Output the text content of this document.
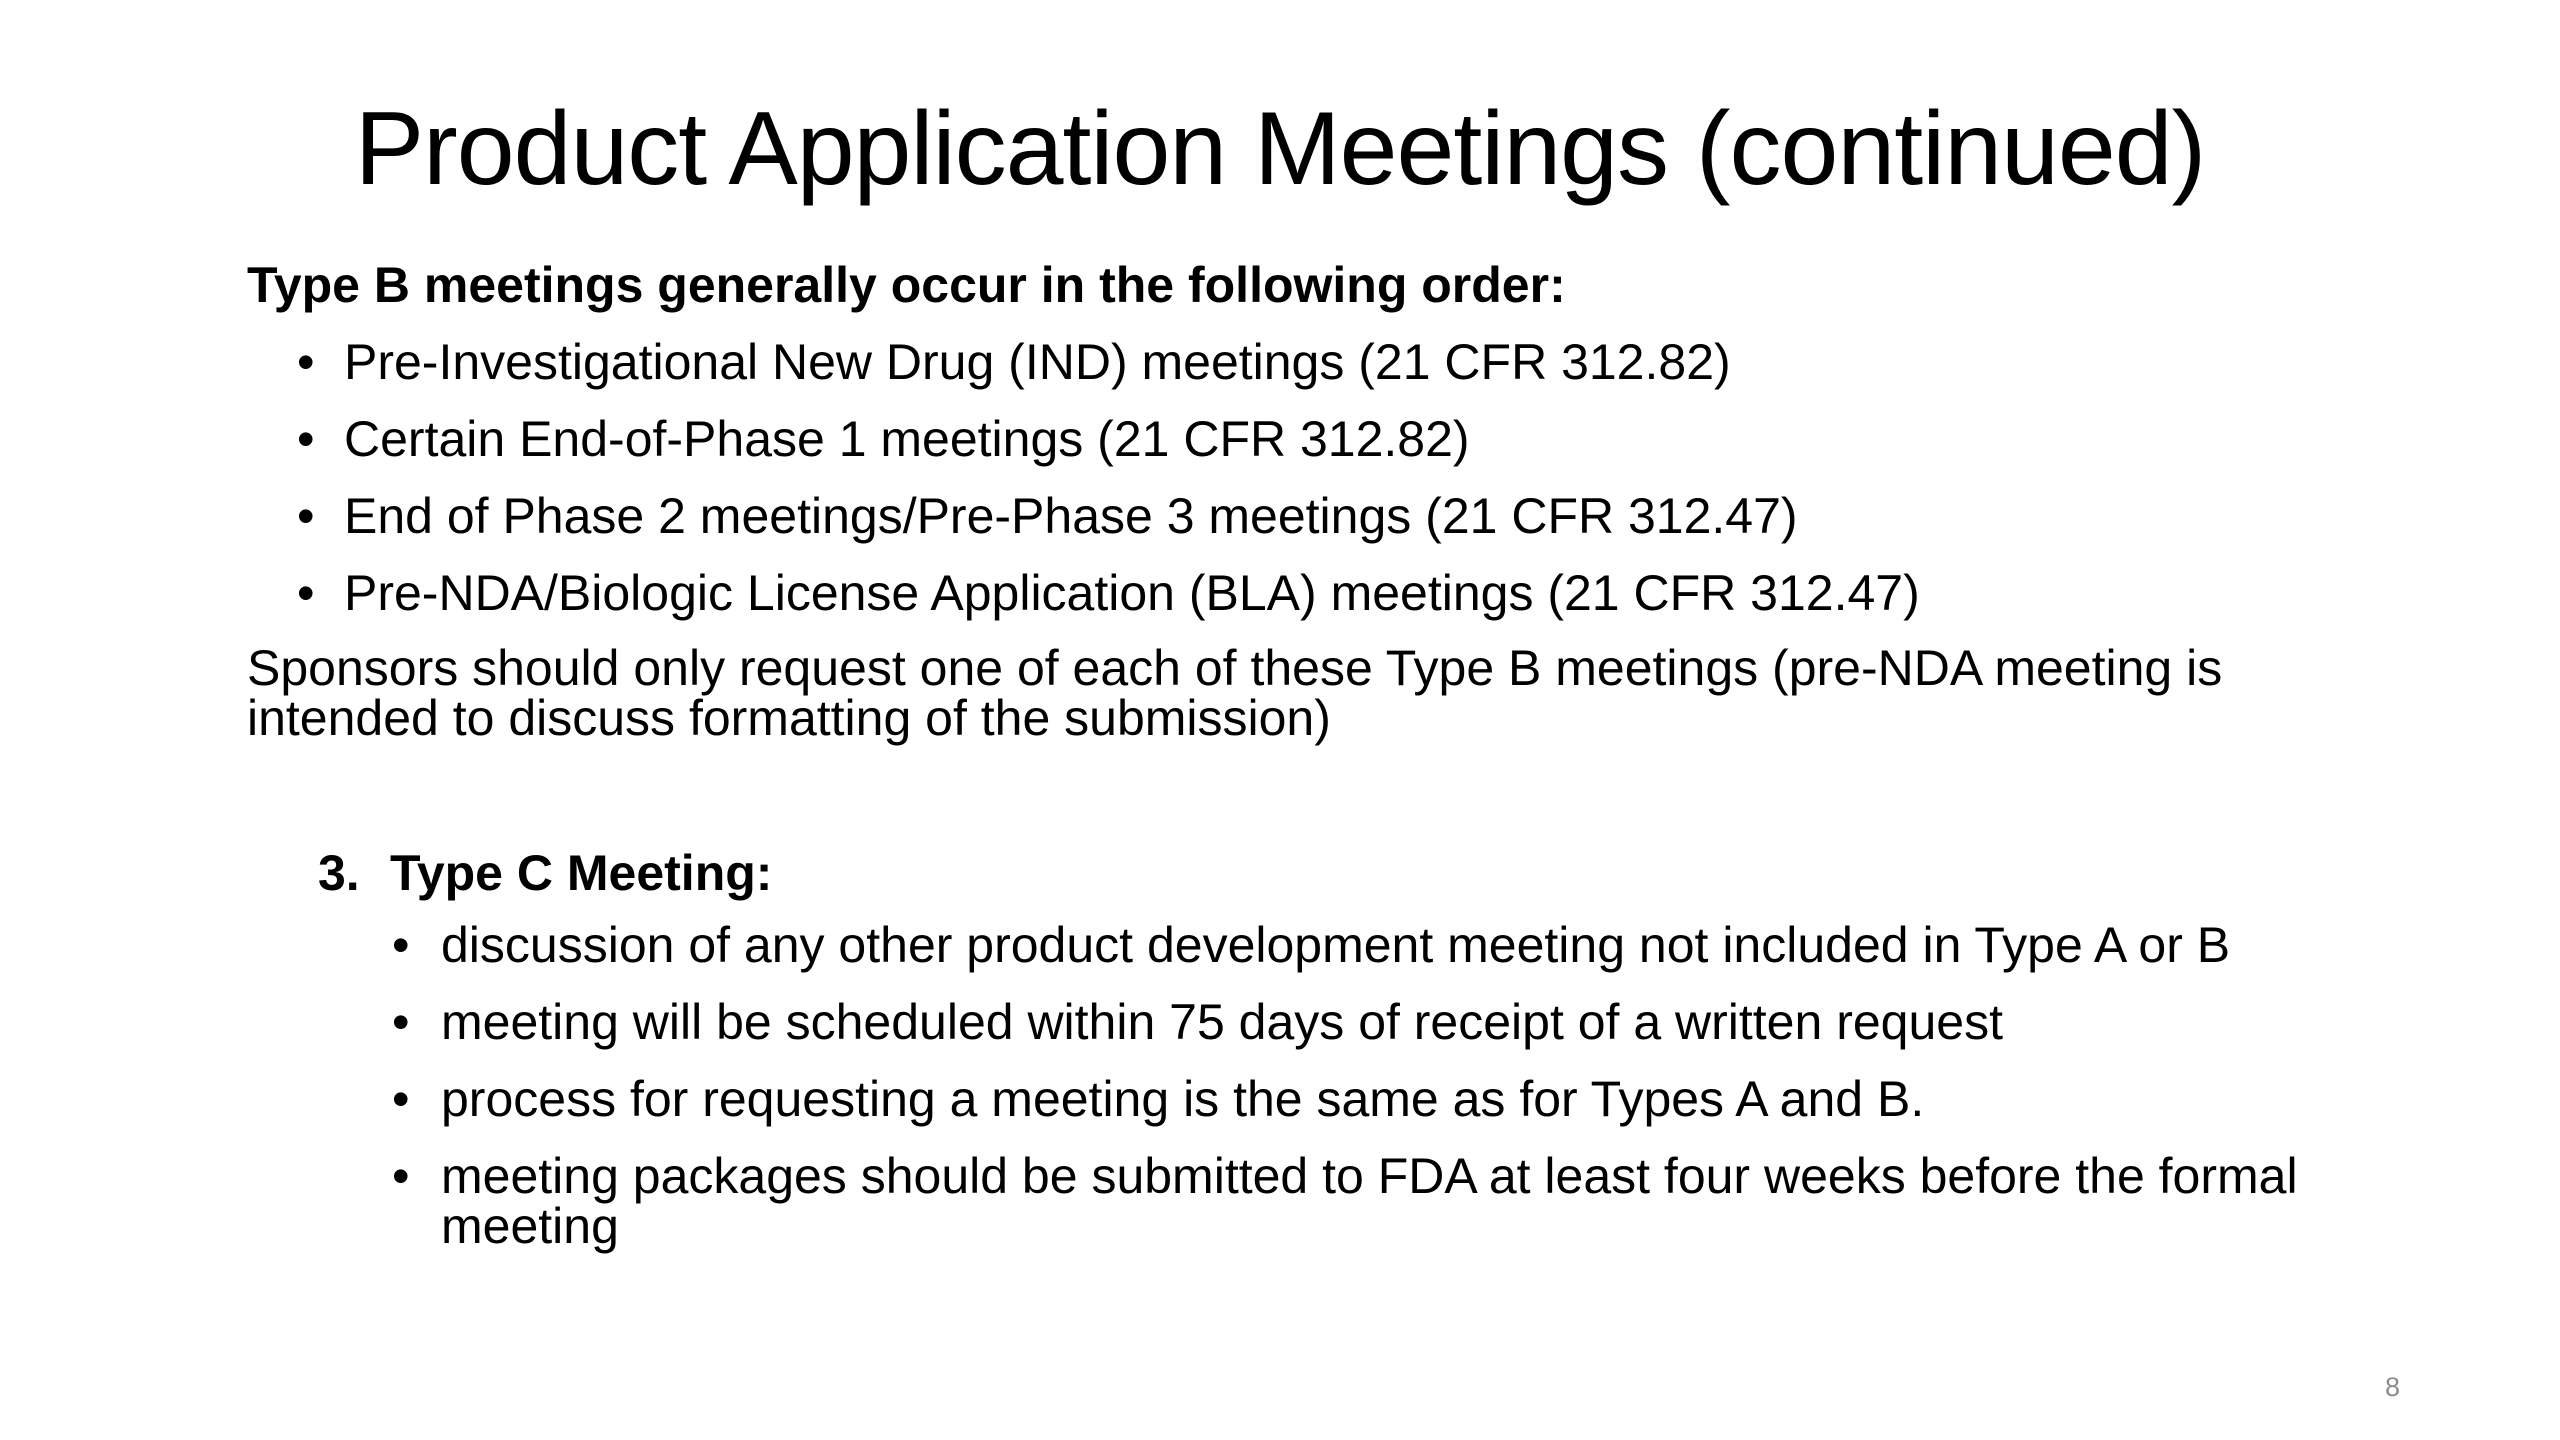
Product Application Meetings (continued)
Type B meetings generally occur in the following order:
• Pre-Investigational New Drug (IND) meetings (21 CFR 312.82)
• Certain End-of-Phase 1 meetings (21 CFR 312.82)
• End of Phase 2 meetings/Pre-Phase 3 meetings (21 CFR 312.47)
• Pre-NDA/Biologic License Application (BLA) meetings (21 CFR 312.47)
Sponsors should only request one of each of these Type B meetings (pre-NDA meeting is intended to discuss formatting of the submission)
3. Type C Meeting:
• discussion of any other product development meeting not included in Type A or B
• meeting will be scheduled within 75 days of receipt of a written request
• process for requesting a meeting is the same as for Types A and B.
• meeting packages should be submitted to FDA at least four weeks before the formal meeting
8
